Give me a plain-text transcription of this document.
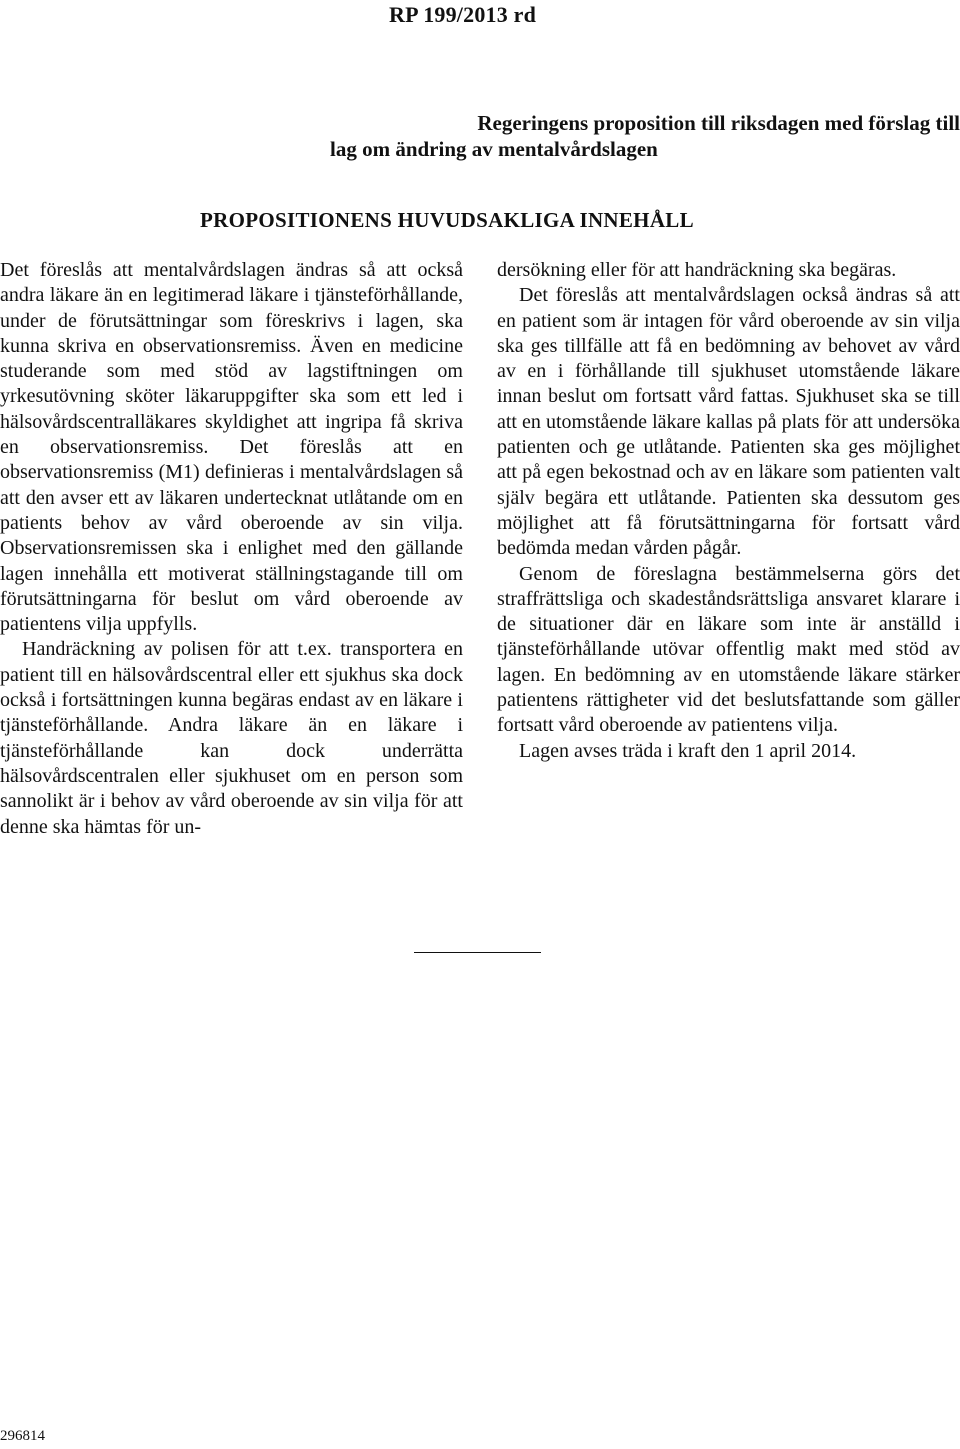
RP 199/2013 rd
Regeringens proposition till riksdagen med förslag till
lag om ändring av mentalvårdslagen
PROPOSITIONENS HUVUDSAKLIGA INNEHÅLL

Det föreslås att mentalvårdslagen ändras så att också andra läkare än en legitimerad läkare i tjänsteförhållande, under de förutsättningar som föreskrivs i lagen, ska kunna skriva en observationsremiss. Även en medicine studerande som med stöd av lagstiftningen om yrkesutövning sköter läkaruppgifter ska som ett led i hälsovårdscentralläkares skyldighet att ingripa få skriva en observationsremiss. Det föreslås att en observationsremiss (M1) definieras i mentalvårdslagen så att den avser ett av läkaren undertecknat utlåtande om en patients behov av vård oberoende av sin vilja. Observationsremissen ska i enlighet med den gällande lagen innehålla ett motiverat ställningstagande till om förutsättningarna för beslut om vård oberoende av patientens vilja uppfylls.

Handräckning av polisen för att t.ex. transportera en patient till en hälsovårdscentral eller ett sjukhus ska dock också i fortsättningen kunna begäras endast av en läkare i tjänsteförhållande. Andra läkare än en läkare i tjänsteförhållande kan dock underrätta hälsovårdscentralen eller sjukhuset om en person som sannolikt är i behov av vård oberoende av sin vilja för att denne ska hämtas för un-

dersökning eller för att handräckning ska begäras.

Det föreslås att mentalvårdslagen också ändras så att en patient som är intagen för vård oberoende av sin vilja ska ges tillfälle att få en bedömning av behovet av vård av en i förhållande till sjukhuset utomstående läkare innan beslut om fortsatt vård fattas. Sjukhuset ska se till att en utomstående läkare kallas på plats för att undersöka patienten och ge utlåtande. Patienten ska ges möjlighet att på egen bekostnad och av en läkare som patienten valt själv begära ett utlåtande. Patienten ska dessutom ges möjlighet att få förutsättningarna för fortsatt vård bedömda medan vården pågår.

Genom de föreslagna bestämmelserna görs det straffrättsliga och skadeståndsrättsliga ansvaret klarare i de situationer där en läkare som inte är anställd i tjänsteförhållande utövar offentlig makt med stöd av lagen. En bedömning av en utomstående läkare stärker patientens rättigheter vid det beslutsfattande som gäller fortsatt vård oberoende av patientens vilja.

Lagen avses träda i kraft den 1 april 2014.

296814
